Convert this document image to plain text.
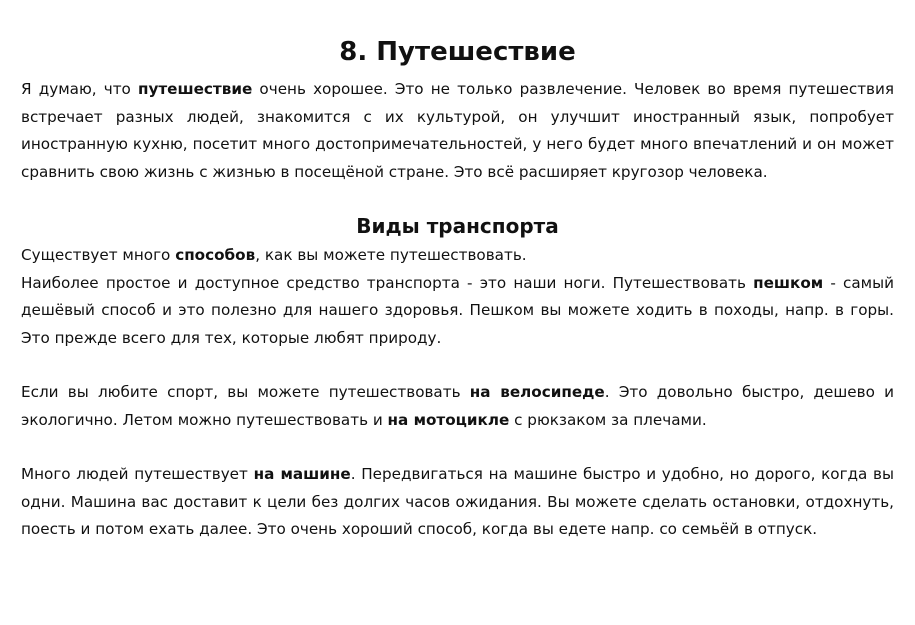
8. Путешествие

Я думаю, что путешествие очень хорошее. Это не только развлечение. Человек во время путешествия встречает разных людей, знакомится с их культурой, он улучшит иностранный язык, попробует иностранную кухню, посетит много достопримечательностей, у него будет много впечатлений и он может сравнить свою жизнь с жизнью в посещёной стране. Это всё расширяет кругозор человека.

Виды транспорта

Существует много способов, как вы можете путешествовать.

Наиболее простое и доступное средство транспорта - это наши ноги. Путешествовать пешком - самый дешёвый способ и это полезно для нашего здоровья. Пешком вы можете ходить в походы, напр. в горы. Это прежде всего для тех, которые любят природу.

Если вы любите спорт, вы можете путешествовать на велосипеде. Это довольно быстро, дешево и экологично. Летом можно путешествовать и на мотоцикле с рюкзаком за плечами.

Много людей путешествует на машине. Передвигаться на машине быстро и удобно, но дорого, когда вы одни. Машина вас доставит к цели без долгих часов ожидания. Вы можете сделать остановки, отдохнуть, поесть и потом ехать далее. Это очень хороший способ, когда вы едете напр. со семьёй в отпуск.
